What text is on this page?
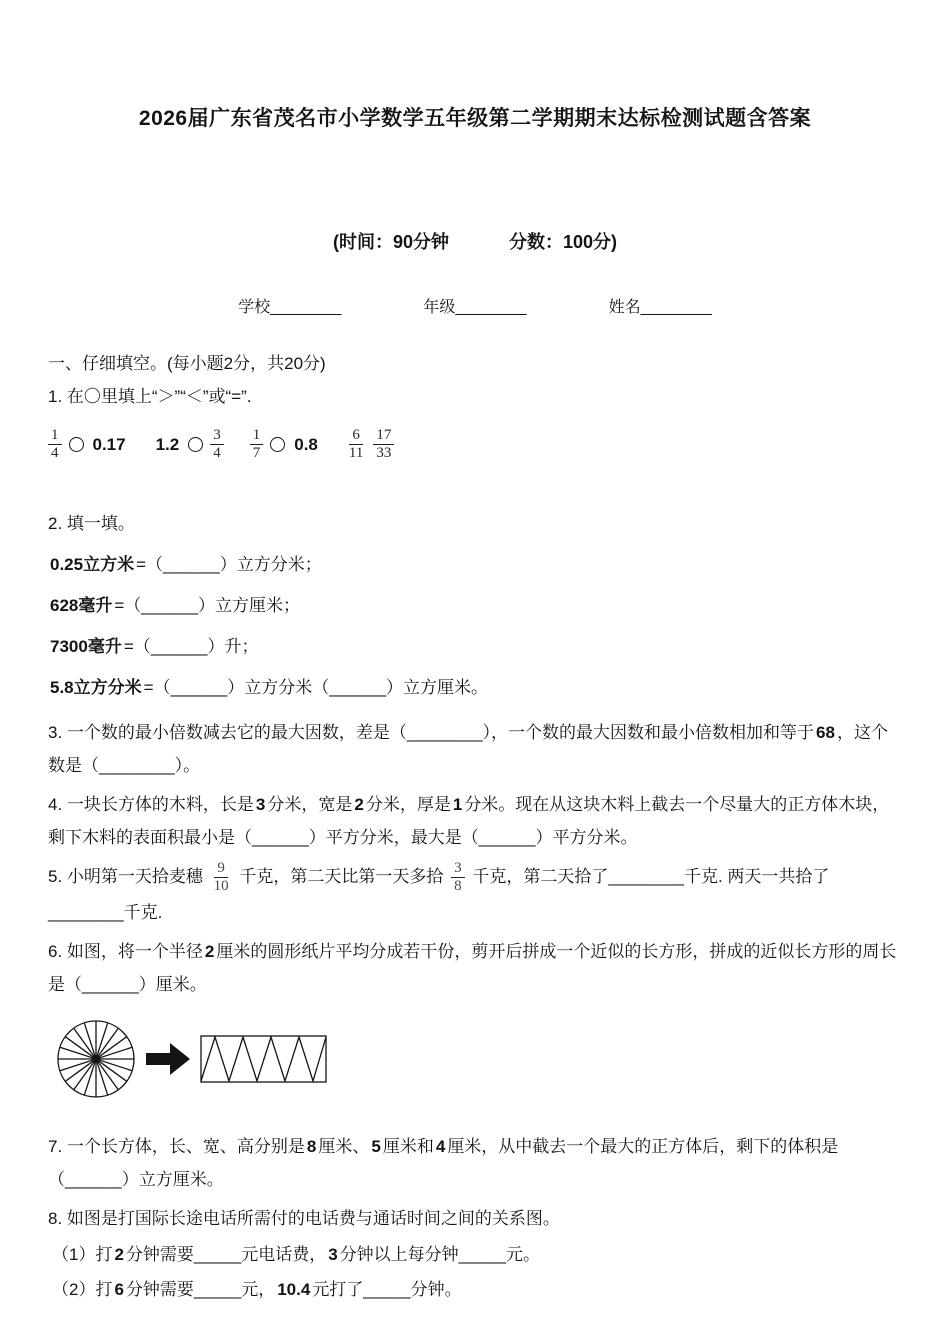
2026届广东省茂名市小学数学五年级第二学期期末达标检测试题含答案
(时间：90分钟	分数：100分)
学校________	年级________	姓名________

一、仔细填空。(每小题2分，共20分)

1. 在〇里填上“＞”“＜”或“=”.

$\frac{1}{4} 0.17$ $1.2 \frac{3}{4} \frac{1}{7} 0.8 \frac{6}{11} \frac{17}{33}$

2. 填一填。

0.25立方米 =（______）立方分米；

628毫升 =（______）立方厘米；

7300毫升 =（______）升；

5.8立方分米 =（______）立方分米（______）立方厘米。

3. 一个数的最小倍数减去它的最大因数，差是（________），一个数的最大因数和最小倍数相加和等于 68 ，这个数是（________）。

4. 一块长方体的木料，长是 3 分米，宽是 2 分米，厚是 1 分米。现在从这块木料上截去一个尽量大的正方体木块，剩下木料的表面积最小是（______）平方分米，最大是（______）平方分米。

5. 小明第一天拾麦穗 $\frac{9}{10}$ 千克，第二天比第一天多拾 $\frac{3}{8}$ 千克，第二天拾了________千克. 两天一共拾了________千克.

6. 如图，将一个半径 2 厘米的圆形纸片平均分成若干份，剪开后拼成一个近似的长方形，拼成的近似长方形的周长是（______）厘米。

7. 一个长方体，长、宽、高分别是 8 厘米、 5 厘米和 4 厘米，从中截去一个最大的正方体后，剩下的体积是（______）立方厘米。

8. 如图是打国际长途电话所需付的电话费与通话时间之间的关系图。

（1）打 2 分钟需要_____元电话费， 3 分钟以上每分钟_____元。

（2）打 6 分钟需要_____元， 10.4 元打了_____分钟。
